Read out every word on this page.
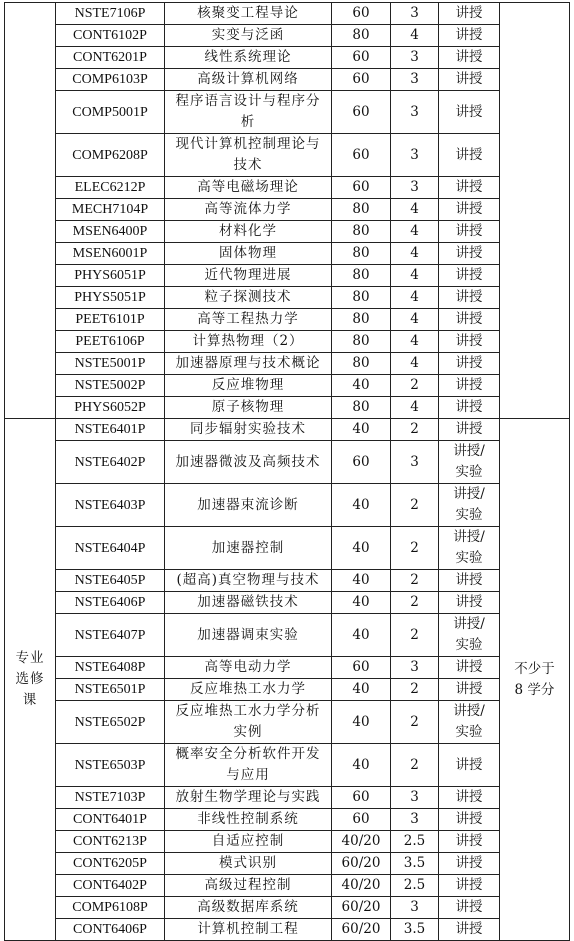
	NSTE7106P	核聚变工程导论	60	3	讲授	
	CONT6102P	实变与泛函	80	4	讲授	
	CONT6201P	线性系统理论	60	3	讲授	
	COMP6103P	高级计算机网络	60	3	讲授	
	COMP5001P	程序语言设计与程序分
析	60	3	讲授	
	COMP6208P	现代计算机控制理论与
技术	60	3	讲授	
	ELEC6212P	高等电磁场理论	60	3	讲授	
	MECH7104P	高等流体力学	80	4	讲授	
	MSEN6400P	材料化学	80	4	讲授	
	MSEN6001P	固体物理	80	4	讲授	
	PHYS6051P	近代物理进展	80	4	讲授	
	PHYS5051P	粒子探测技术	80	4	讲授	
	PEET6101P	高等工程热力学	80	4	讲授	
	PEET6106P	计算热物理（2）	80	4	讲授	
	NSTE5001P	加速器原理与技术概论	80	4	讲授	
	NSTE5002P	反应堆物理	40	2	讲授	
	PHYS6052P	原子核物理	80	4	讲授	
专业
选修
课	NSTE6401P	同步辐射实验技术	40	2	讲授	不少于
8 学分
	NSTE6402P	加速器微波及高频技术	60	3	讲授/
实验	
	NSTE6403P	加速器束流诊断	40	2	讲授/
实验	
	NSTE6404P	加速器控制	40	2	讲授/
实验	
	NSTE6405P	(超高)真空物理与技术	40	2	讲授	
	NSTE6406P	加速器磁铁技术	40	2	讲授	
	NSTE6407P	加速器调束实验	40	2	讲授/
实验	
	NSTE6408P	高等电动力学	60	3	讲授	
	NSTE6501P	反应堆热工水力学	40	2	讲授	
	NSTE6502P	反应堆热工水力学分析
实例	40	2	讲授/
实验	
	NSTE6503P	概率安全分析软件开发
与应用	40	2	讲授	
	NSTE7103P	放射生物学理论与实践	60	3	讲授	
	CONT6401P	非线性控制系统	60	3	讲授	
	CONT6213P	自适应控制	40/20	2.5	讲授	
	CONT6205P	模式识别	60/20	3.5	讲授	
	CONT6402P	高级过程控制	40/20	2.5	讲授	
	COMP6108P	高级数据库系统	60/20	3	讲授	
	CONT6406P	计算机控制工程	60/20	3.5	讲授	
